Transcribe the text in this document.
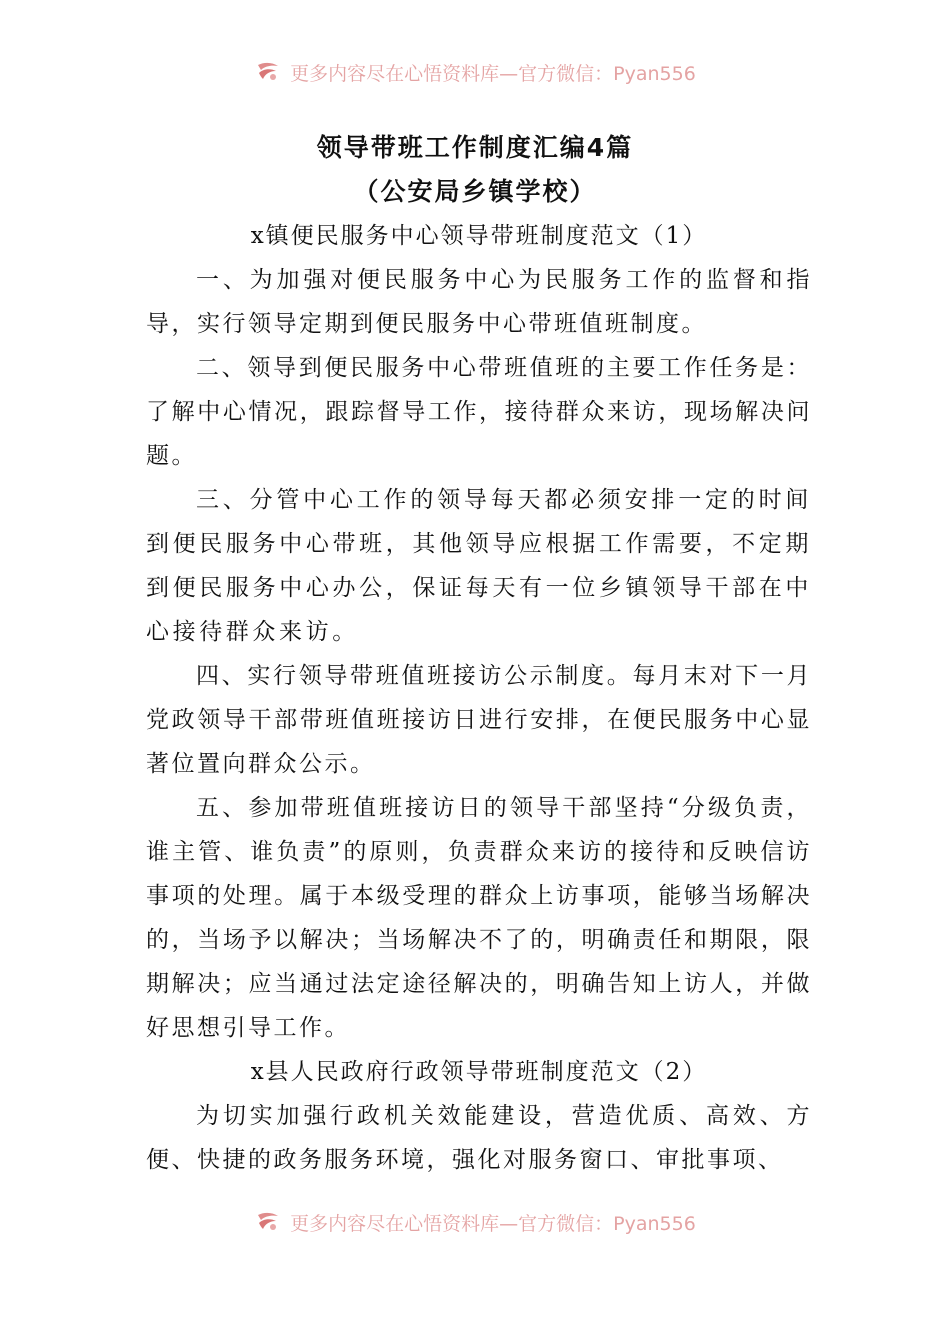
更多内容尽在心悟资料库—官方微信：Pyan556
领导带班工作制度汇编4篇
（公安局乡镇学校）

x镇便民服务中心领导带班制度范文（1）

一、为加强对便民服务中心为民服务工作的监督和指导，实行领导定期到便民服务中心带班值班制度。

二、领导到便民服务中心带班值班的主要工作任务是：了解中心情况，跟踪督导工作，接待群众来访，现场解决问题。

三、分管中心工作的领导每天都必须安排一定的时间到便民服务中心带班，其他领导应根据工作需要，不定期到便民服务中心办公，保证每天有一位乡镇领导干部在中心接待群众来访。

四、实行领导带班值班接访公示制度。每月末对下一月党政领导干部带班值班接访日进行安排，在便民服务中心显著位置向群众公示。

五、参加带班值班接访日的领导干部坚持“分级负责，谁主管、谁负责”的原则，负责群众来访的接待和反映信访事项的处理。属于本级受理的群众上访事项，能够当场解决的，当场予以解决；当场解决不了的，明确责任和期限，限期解决；应当通过法定途径解决的，明确告知上访人，并做好思想引导工作。

x县人民政府行政领导带班制度范文（2）

为切实加强行政机关效能建设，营造优质、高效、方便、快捷的政务服务环境，强化对服务窗口、审批事项、

更多内容尽在心悟资料库—官方微信：Pyan556
